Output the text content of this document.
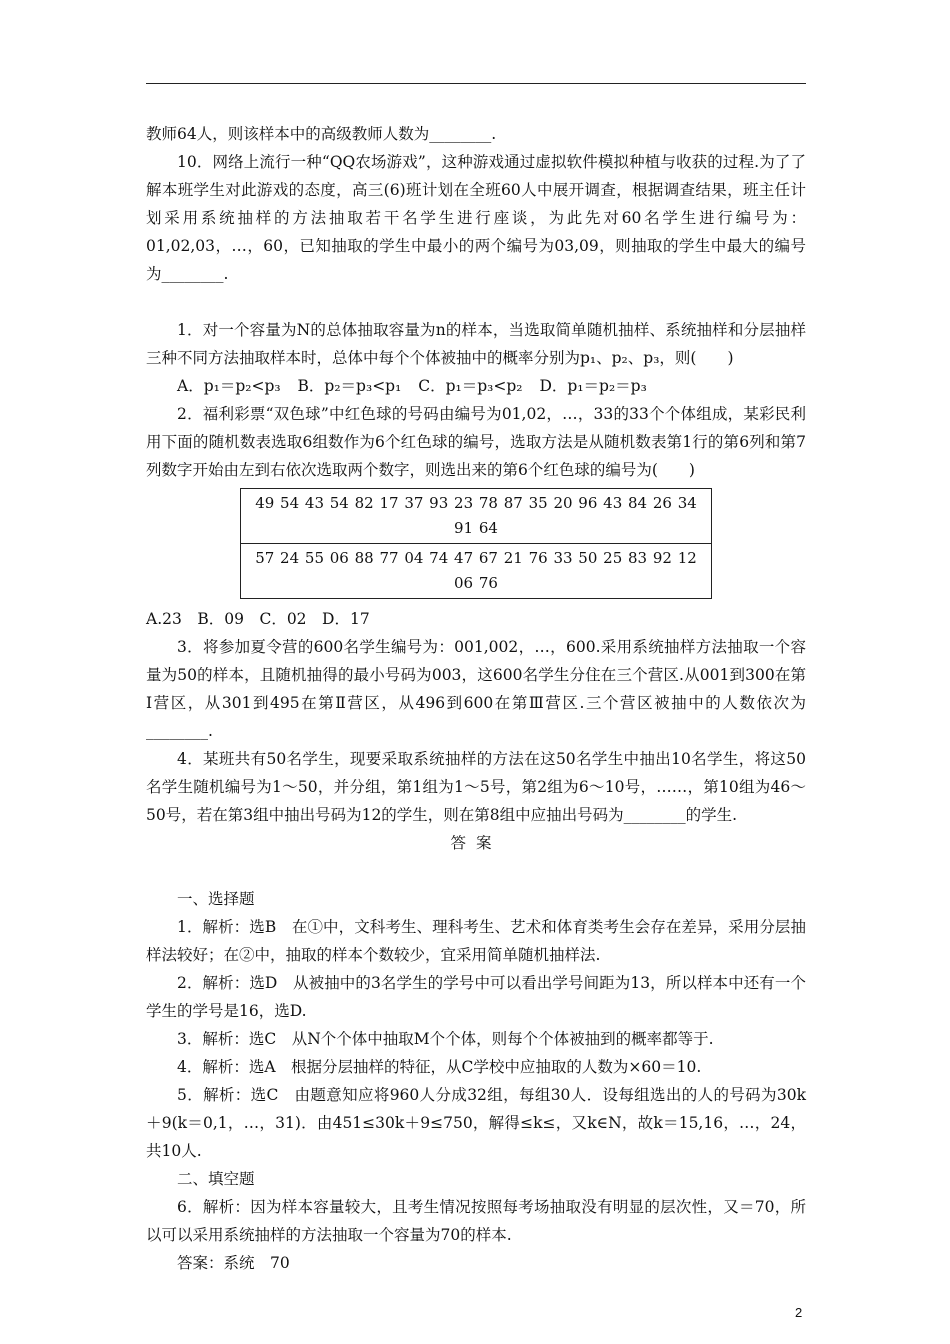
教师64人，则该样本中的高级教师人数为________.

10．网络上流行一种“QQ农场游戏”，这种游戏通过虚拟软件模拟种植与收获的过程.为了了解本班学生对此游戏的态度，高三(6)班计划在全班60人中展开调查，根据调查结果，班主任计划采用系统抽样的方法抽取若干名学生进行座谈，为此先对60名学生进行编号为：01,02,03，…，60，已知抽取的学生中最小的两个编号为03,09，则抽取的学生中最大的编号为________.

1．对一个容量为N的总体抽取容量为n的样本，当选取简单随机抽样、系统抽样和分层抽样三种不同方法抽取样本时，总体中每个个体被抽中的概率分别为p₁、p₂、p₃，则(　　)

A．p₁＝p₂<p₃ B．p₂＝p₃<p₁ C．p₁＝p₃<p₂ D．p₁＝p₂＝p₃

2．福利彩票“双色球”中红色球的号码由编号为01,02，…，33的33个个体组成，某彩民利用下面的随机数表选取6组数作为6个红色球的编号，选取方法是从随机数表第1行的第6列和第7列数字开始由左到右依次选取两个数字，则选出来的第6个红色球的编号为(　　)

49 54 43 54 82 17 37 93 23 78 87 35 20 96 43 84 26 34 91 64
57 24 55 06 88 77 04 74 47 67 21 76 33 50 25 83 92 12 06 76

A.23　B．09　C．02　D．17

3．将参加夏令营的600名学生编号为：001,002，…，600.采用系统抽样方法抽取一个容量为50的样本，且随机抽得的最小号码为003，这600名学生分住在三个营区.从001到300在第Ⅰ营区，从301到495在第Ⅱ营区，从496到600在第Ⅲ营区.三个营区被抽中的人数依次为________.

4．某班共有50名学生，现要采取系统抽样的方法在这50名学生中抽出10名学生，将这50名学生随机编号为1～50，并分组，第1组为1～5号，第2组为6～10号，……，第10组为46～50号，若在第3组中抽出号码为12的学生，则在第8组中应抽出号码为________的学生.

答案

一、选择题

1．解析：选B　在①中，文科考生、理科考生、艺术和体育类考生会存在差异，采用分层抽样法较好；在②中，抽取的样本个数较少，宜采用简单随机抽样法.

2．解析：选D　从被抽中的3名学生的学号中可以看出学号间距为13，所以样本中还有一个学生的学号是16，选D.

3．解析：选C　从N个个体中抽取M个个体，则每个个体被抽到的概率都等于.

4．解析：选A　根据分层抽样的特征，从C学校中应抽取的人数为×60＝10.

5．解析：选C　由题意知应将960人分成32组，每组30人．设每组选出的人的号码为30k＋9(k＝0,1，…，31)．由451≤30k＋9≤750，解得≤k≤，又k∈N，故k＝15,16，…，24，共10人.

二、填空题

6．解析：因为样本容量较大，且考生情况按照每考场抽取没有明显的层次性，又＝70，所以可以采用系统抽样的方法抽取一个容量为70的样本.

答案：系统　70

2
